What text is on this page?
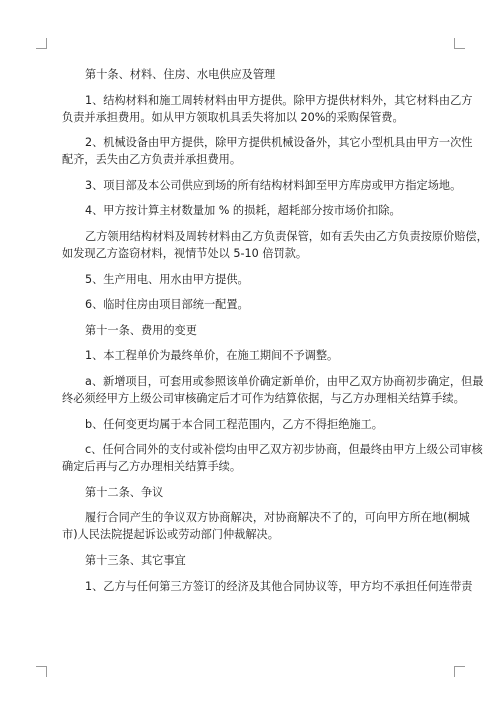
第十条、材料、住房、水电供应及管理

1、结构材料和施工周转材料由甲方提供。除甲方提供材料外，其它材料由乙方

负责并承担费用。如从甲方领取机具丢失将加以 20%的采购保管费。

2、机械设备由甲方提供，除甲方提供机械设备外，其它小型机具由甲方一次性

配齐，丢失由乙方负责并承担费用。

3、项目部及本公司供应到场的所有结构材料卸至甲方库房或甲方指定场地。

4、甲方按计算主材数量加 % 的损耗，超耗部分按市场价扣除。

乙方领用结构材料及周转材料由乙方负责保管，如有丢失由乙方负责按原价赔偿，

如发现乙方盗窃材料，视情节处以 5-10 倍罚款。

5、生产用电、用水由甲方提供。

6、临时住房由项目部统一配置。

第十一条、费用的变更

1、本工程单价为最终单价，在施工期间不予调整。

a、新增项目，可套用或参照该单价确定新单价，由甲乙双方协商初步确定，但最

终必须经甲方上级公司审核确定后才可作为结算依据，与乙方办理相关结算手续。

b、任何变更均属于本合同工程范围内，乙方不得拒绝施工。

c、任何合同外的支付或补偿均由甲乙双方初步协商，但最终由甲方上级公司审核

确定后再与乙方办理相关结算手续。

第十二条、争议

履行合同产生的争议双方协商解决，对协商解决不了的，可向甲方所在地(桐城

市)人民法院提起诉讼或劳动部门仲裁解决。

第十三条、其它事宜

1、乙方与任何第三方签订的经济及其他合同协议等，甲方均不承担任何连带责
